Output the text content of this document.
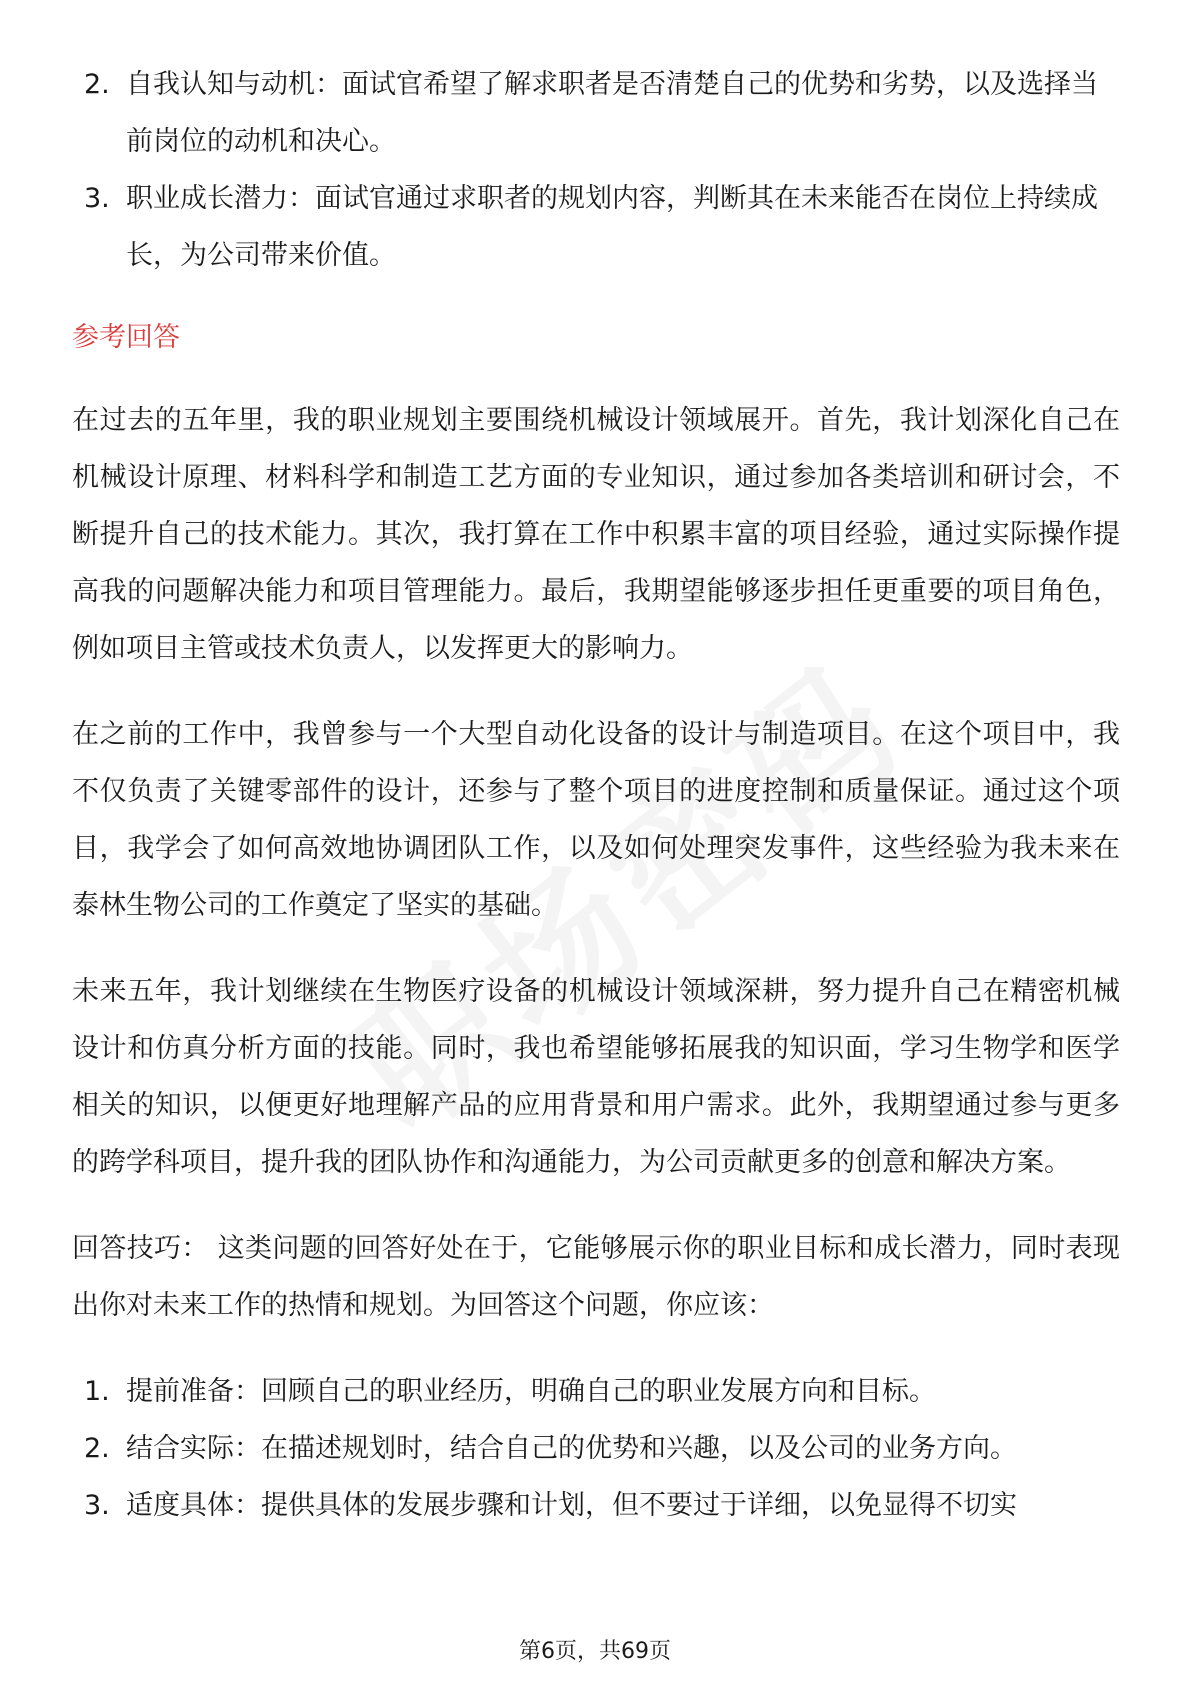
2. 自我认知与动机：面试官希望了解求职者是否清楚自己的优势和劣势，以及选择当前岗位的动机和决心。
3. 职业成长潜力：面试官通过求职者的规划内容，判断其在未来能否在岗位上持续成长，为公司带来价值。
参考回答

在过去的五年里，我的职业规划主要围绕机械设计领域展开。首先，我计划深化自己在机械设计原理、材料科学和制造工艺方面的专业知识，通过参加各类培训和研讨会，不断提升自己的技术能力。其次，我打算在工作中积累丰富的项目经验，通过实际操作提高我的问题解决能力和项目管理能力。最后，我期望能够逐步担任更重要的项目角色，例如项目主管或技术负责人，以发挥更大的影响力。

在之前的工作中，我曾参与一个大型自动化设备的设计与制造项目。在这个项目中，我不仅负责了关键零部件的设计，还参与了整个项目的进度控制和质量保证。通过这个项目，我学会了如何高效地协调团队工作，以及如何处理突发事件，这些经验为我未来在泰林生物公司的工作奠定了坚实的基础。

未来五年，我计划继续在生物医疗设备的机械设计领域深耕，努力提升自己在精密机械设计和仿真分析方面的技能。同时，我也希望能够拓展我的知识面，学习生物学和医学相关的知识，以便更好地理解产品的应用背景和用户需求。此外，我期望通过参与更多的跨学科项目，提升我的团队协作和沟通能力，为公司贡献更多的创意和解决方案。

回答技巧： 这类问题的回答好处在于，它能够展示你的职业目标和成长潜力，同时表现出你对未来工作的热情和规划。为回答这个问题，你应该：

1. 提前准备：回顾自己的职业经历，明确自己的职业发展方向和目标。
2. 结合实际：在描述规划时，结合自己的优势和兴趣，以及公司的业务方向。
3. 适度具体：提供具体的发展步骤和计划，但不要过于详细，以免显得不切实
第6页，共69页
